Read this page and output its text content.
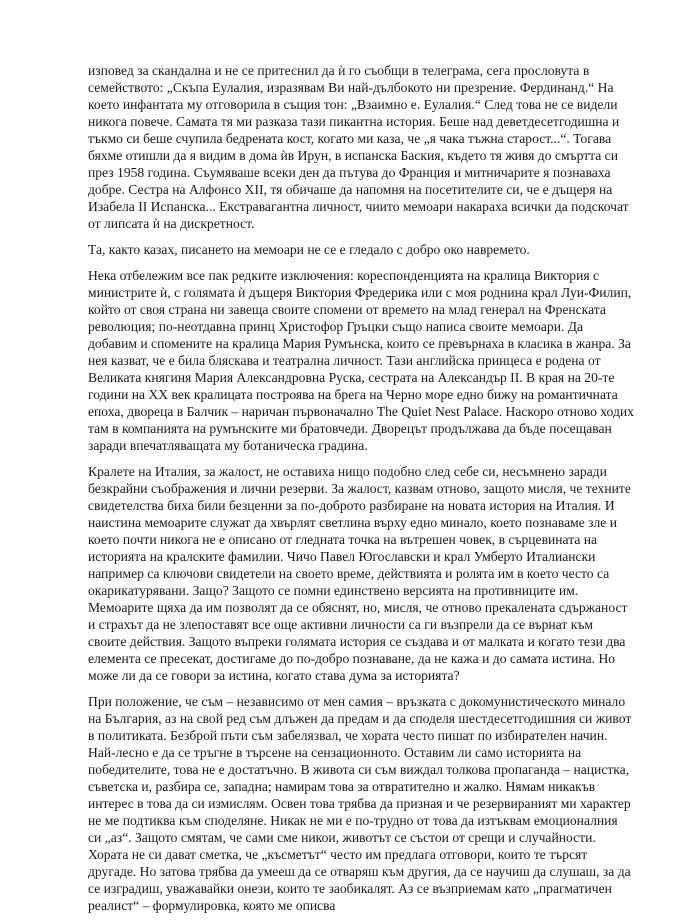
изповед за скандална и не се притеснил да ѝ го съобщи в телеграма, сега прословута в семейството: „Скъпа Еулалия, изразявам Ви най-дълбокото ни презрение. Фердинанд.“ На което инфантата му отговорила в същия тон: „Взаимно е. Еулалия.“ След това не се видели никога повече. Самата тя ми разказа тази пикантна история. Беше над деветдесетгодишна и тъкмо си беше счупила бедрената кост, когато ми каза, че „я чака тъжна старост...“. Тогава бяхме отишли да я видим в дома ѝв Ирун, в испанска Баския, където тя живя до смъртта си през 1958 година. Съумяваше всеки ден да пътува до Франция и митничарите я познаваха добре. Сестра на Алфонсо XII, тя обичаше да напомня на посетителите си, че е дъщеря на Изабела II Испанска... Екстравагантна личност, чиито мемоари накараха всички да подскочат от липсата ѝ на дискретност.

Та, както казах, писането на мемоари не се е гледало с добро око навремето.

Нека отбележим все пак редките изключения: кореспонденцията на кралица Виктория с министрите ѝ, с голямата ѝ дъщеря Виктория Фредерика или с моя роднина крал Луи-Филип, който от своя страна ни завеща своите спомени от времето на млад генерал на Френската революция; по-неотдавна принц Христофор Гръцки също написа своите мемоари. Да добавим и спомените на кралица Мария Румънска, които се превърнаха в класика в жанра. За нея казват, че е била бляскава и театрална личност. Тази английска принцеса е родена от Великата княгиня Мария Александровна Руска, сестрата на Александър II. В края на 20-те години на XX век кралицата построява на брега на Черно море едно бижу на романтичната епоха, двореца в Балчик – наричан първоначално The Quiet Nest Palace. Наскоро отново ходих там в компанията на румънските ми братовчеди. Дворецът продължава да бъде посещаван заради впечатляващата му ботаническа градина.

Кралете на Италия, за жалост, не оставиха нищо подобно след себе си, несъмнено заради безкрайни съображения и лични резерви. За жалост, казвам отново, защото мисля, че техните свидетелства биха били безценни за по-доброто разбиране на новата история на Италия. И наистина мемоарите служат да хвърлят светлина върху едно минало, което познаваме зле и което почти никога не е описано от гледната точка на вътрешен човек, в сърцевината на историята на кралските фамилии. Чичо Павел Югославски и крал Умберто Италиански например са ключови свидетели на своето време, действията и ролята им в което често са окарикатурявани. Защо? Защото се помни единствено версията на противниците им. Мемоарите щяха да им позволят да се обяснят, но, мисля, че отново прекалената сдържаност и страхът да не злепоставят все още активни личности са ги възпрели да се върнат към своите действия. Защото въпреки голямата история се създава и от малката и когато тези два елемента се пресекат, достигаме до по-добро познаване, да не кажа и до самата истина. Но може ли да се говори за истина, когато става дума за историята?

При положение, че съм – независимо от мен самия – връзката с докомунистическото минало на България, аз на свой ред съм длъжен да предам и да споделя шестдесетгодишния си живот в политиката. Безброй пъти съм забелязвал, че хората често пишат по избирателен начин. Най-лесно е да се тръгне в търсене на сензационното. Оставим ли само историята на победителите, това не е достатъчно. В живота си съм виждал толкова пропаганда – нацистка, съветска и, разбира се, западна; намирам това за отвратително и жалко. Нямам никакъв интерес в това да си измислям. Освен това трябва да призная и че резервираният ми характер не ме подтиква към споделяне. Никак не ми е по-трудно от това да изтъквам емоционалния си „аз“. Защото смятам, че сами сме никои, животът се състои от срещи и случайности. Хората не си дават сметка, че „късметът“ често им предлага отговори, които те търсят другаде. Но затова трябва да умееш да се отваряш към другия, да се научиш да слушаш, за да се изградиш, уважавайки онези, които те заобикалят. Аз се възприемам като „прагматичен реалист“ – формулировка, която ме описва
